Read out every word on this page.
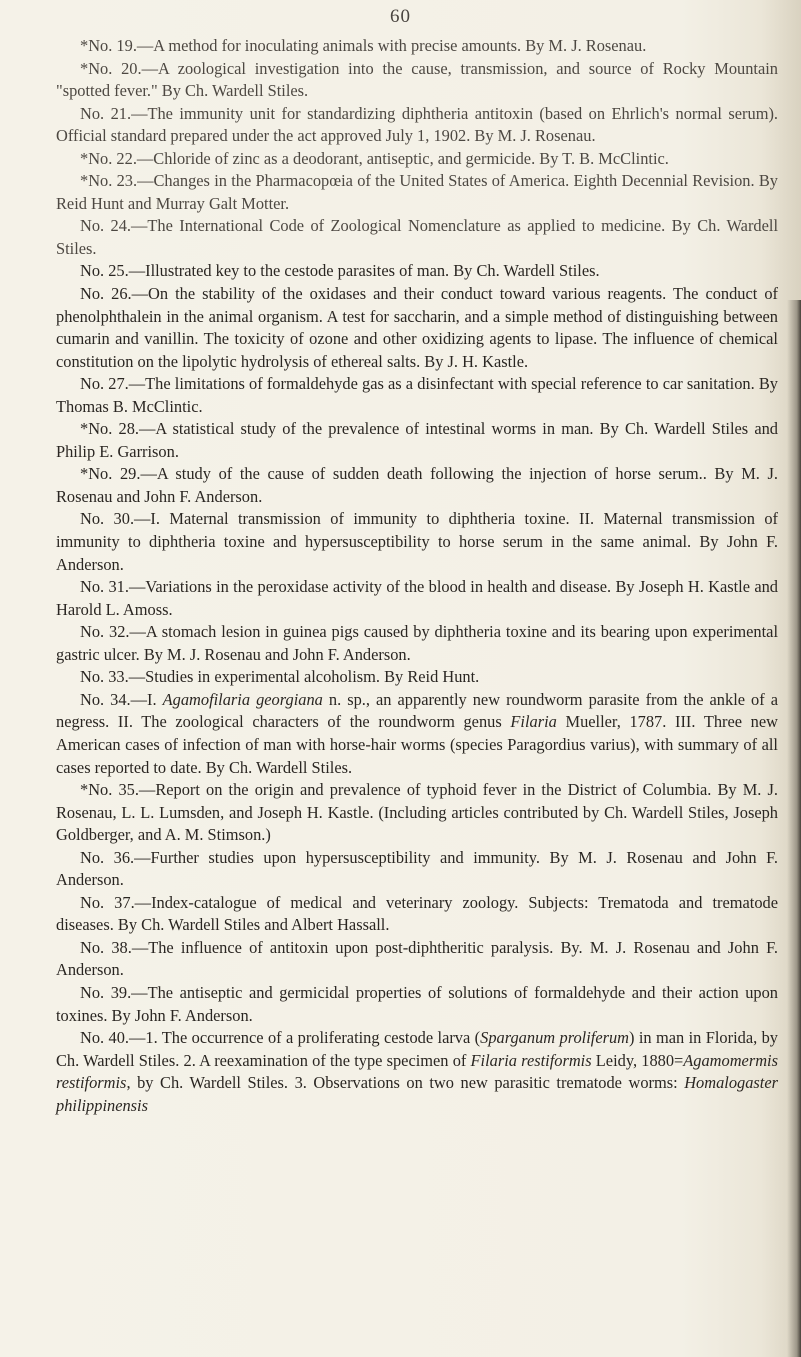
60

*No. 19.—A method for inoculating animals with precise amounts. By M. J. Rosenau.

*No. 20.—A zoological investigation into the cause, transmission, and source of Rocky Mountain "spotted fever." By Ch. Wardell Stiles.

No. 21.—The immunity unit for standardizing diphtheria antitoxin (based on Ehrlich's normal serum). Official standard prepared under the act approved July 1, 1902. By M. J. Rosenau.

*No. 22.—Chloride of zinc as a deodorant, antiseptic, and germicide. By T. B. McClintic.

*No. 23.—Changes in the Pharmacopœia of the United States of America. Eighth Decennial Revision. By Reid Hunt and Murray Galt Motter.

No. 24.—The International Code of Zoological Nomenclature as applied to medicine. By Ch. Wardell Stiles.

No. 25.—Illustrated key to the cestode parasites of man. By Ch. Wardell Stiles.

No. 26.—On the stability of the oxidases and their conduct toward various reagents. The conduct of phenolphthalein in the animal organism. A test for saccharin, and a simple method of distinguishing between cumarin and vanillin. The toxicity of ozone and other oxidizing agents to lipase. The influence of chemical constitution on the lipolytic hydrolysis of ethereal salts. By J. H. Kastle.

No. 27.—The limitations of formaldehyde gas as a disinfectant with special reference to car sanitation. By Thomas B. McClintic.

*No. 28.—A statistical study of the prevalence of intestinal worms in man. By Ch. Wardell Stiles and Philip E. Garrison.

*No. 29.—A study of the cause of sudden death following the injection of horse serum.. By M. J. Rosenau and John F. Anderson.

No. 30.—I. Maternal transmission of immunity to diphtheria toxine. II. Maternal transmission of immunity to diphtheria toxine and hypersusceptibility to horse serum in the same animal. By John F. Anderson.

No. 31.—Variations in the peroxidase activity of the blood in health and disease. By Joseph H. Kastle and Harold L. Amoss.

No. 32.—A stomach lesion in guinea pigs caused by diphtheria toxine and its bearing upon experimental gastric ulcer. By M. J. Rosenau and John F. Anderson.

No. 33.—Studies in experimental alcoholism. By Reid Hunt.

No. 34.—I. Agamofilaria georgiana n. sp., an apparently new roundworm parasite from the ankle of a negress. II. The zoological characters of the roundworm genus Filaria Mueller, 1787. III. Three new American cases of infection of man with horse-hair worms (species Paragordius varius), with summary of all cases reported to date. By Ch. Wardell Stiles.

*No. 35.—Report on the origin and prevalence of typhoid fever in the District of Columbia. By M. J. Rosenau, L. L. Lumsden, and Joseph H. Kastle. (Including articles contributed by Ch. Wardell Stiles, Joseph Goldberger, and A. M. Stimson.)

No. 36.—Further studies upon hypersusceptibility and immunity. By M. J. Rosenau and John F. Anderson.

No. 37.—Index-catalogue of medical and veterinary zoology. Subjects: Trematoda and trematode diseases. By Ch. Wardell Stiles and Albert Hassall.

No. 38.—The influence of antitoxin upon post-diphtheritic paralysis. By. M. J. Rosenau and John F. Anderson.

No. 39.—The antiseptic and germicidal properties of solutions of formaldehyde and their action upon toxines. By John F. Anderson.

No. 40.—1. The occurrence of a proliferating cestode larva (Sparganum proliferum) in man in Florida, by Ch. Wardell Stiles. 2. A reexamination of the type specimen of Filaria restiformis Leidy, 1880=Agamomermis restiformis, by Ch. Wardell Stiles. 3. Observations on two new parasitic trematode worms: Homalogaster philippinensis
